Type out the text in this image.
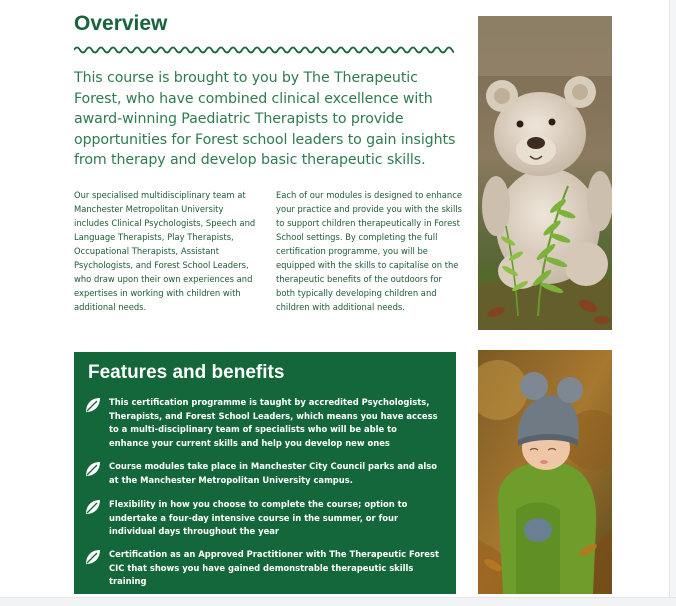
Overview
This course is brought to you by The Therapeutic Forest, who have combined clinical excellence with award-winning Paediatric Therapists to provide opportunities for Forest school leaders to gain insights from therapy and develop basic therapeutic skills.
Our specialised multidisciplinary team at Manchester Metropolitan University includes Clinical Psychologists, Speech and Language Therapists, Play Therapists, Occupational Therapists, Assistant Psychologists, and Forest School Leaders, who draw upon their own experiences and expertises in working with children with additional needs.
Each of our modules is designed to enhance your practice and provide you with the skills to support children therapeutically in Forest School settings. By completing the full certification programme, you will be equipped with the skills to capitalise on the therapeutic benefits of the outdoors for both typically developing children and children with additional needs.
Features and benefits
This certification programme is taught by accredited Psychologists, Therapists, and Forest School Leaders, which means you have access to a multi-disciplinary team of specialists who will be able to enhance your current skills and help you develop new ones
Course modules take place in Manchester City Council parks and also at the Manchester Metropolitan University campus.
Flexibility in how you choose to complete the course; option to undertake a four-day intensive course in the summer, or four individual days throughout the year
Certification as an Approved Practitioner with The Therapeutic Forest CIC that shows you have gained demonstrable therapeutic skills training
